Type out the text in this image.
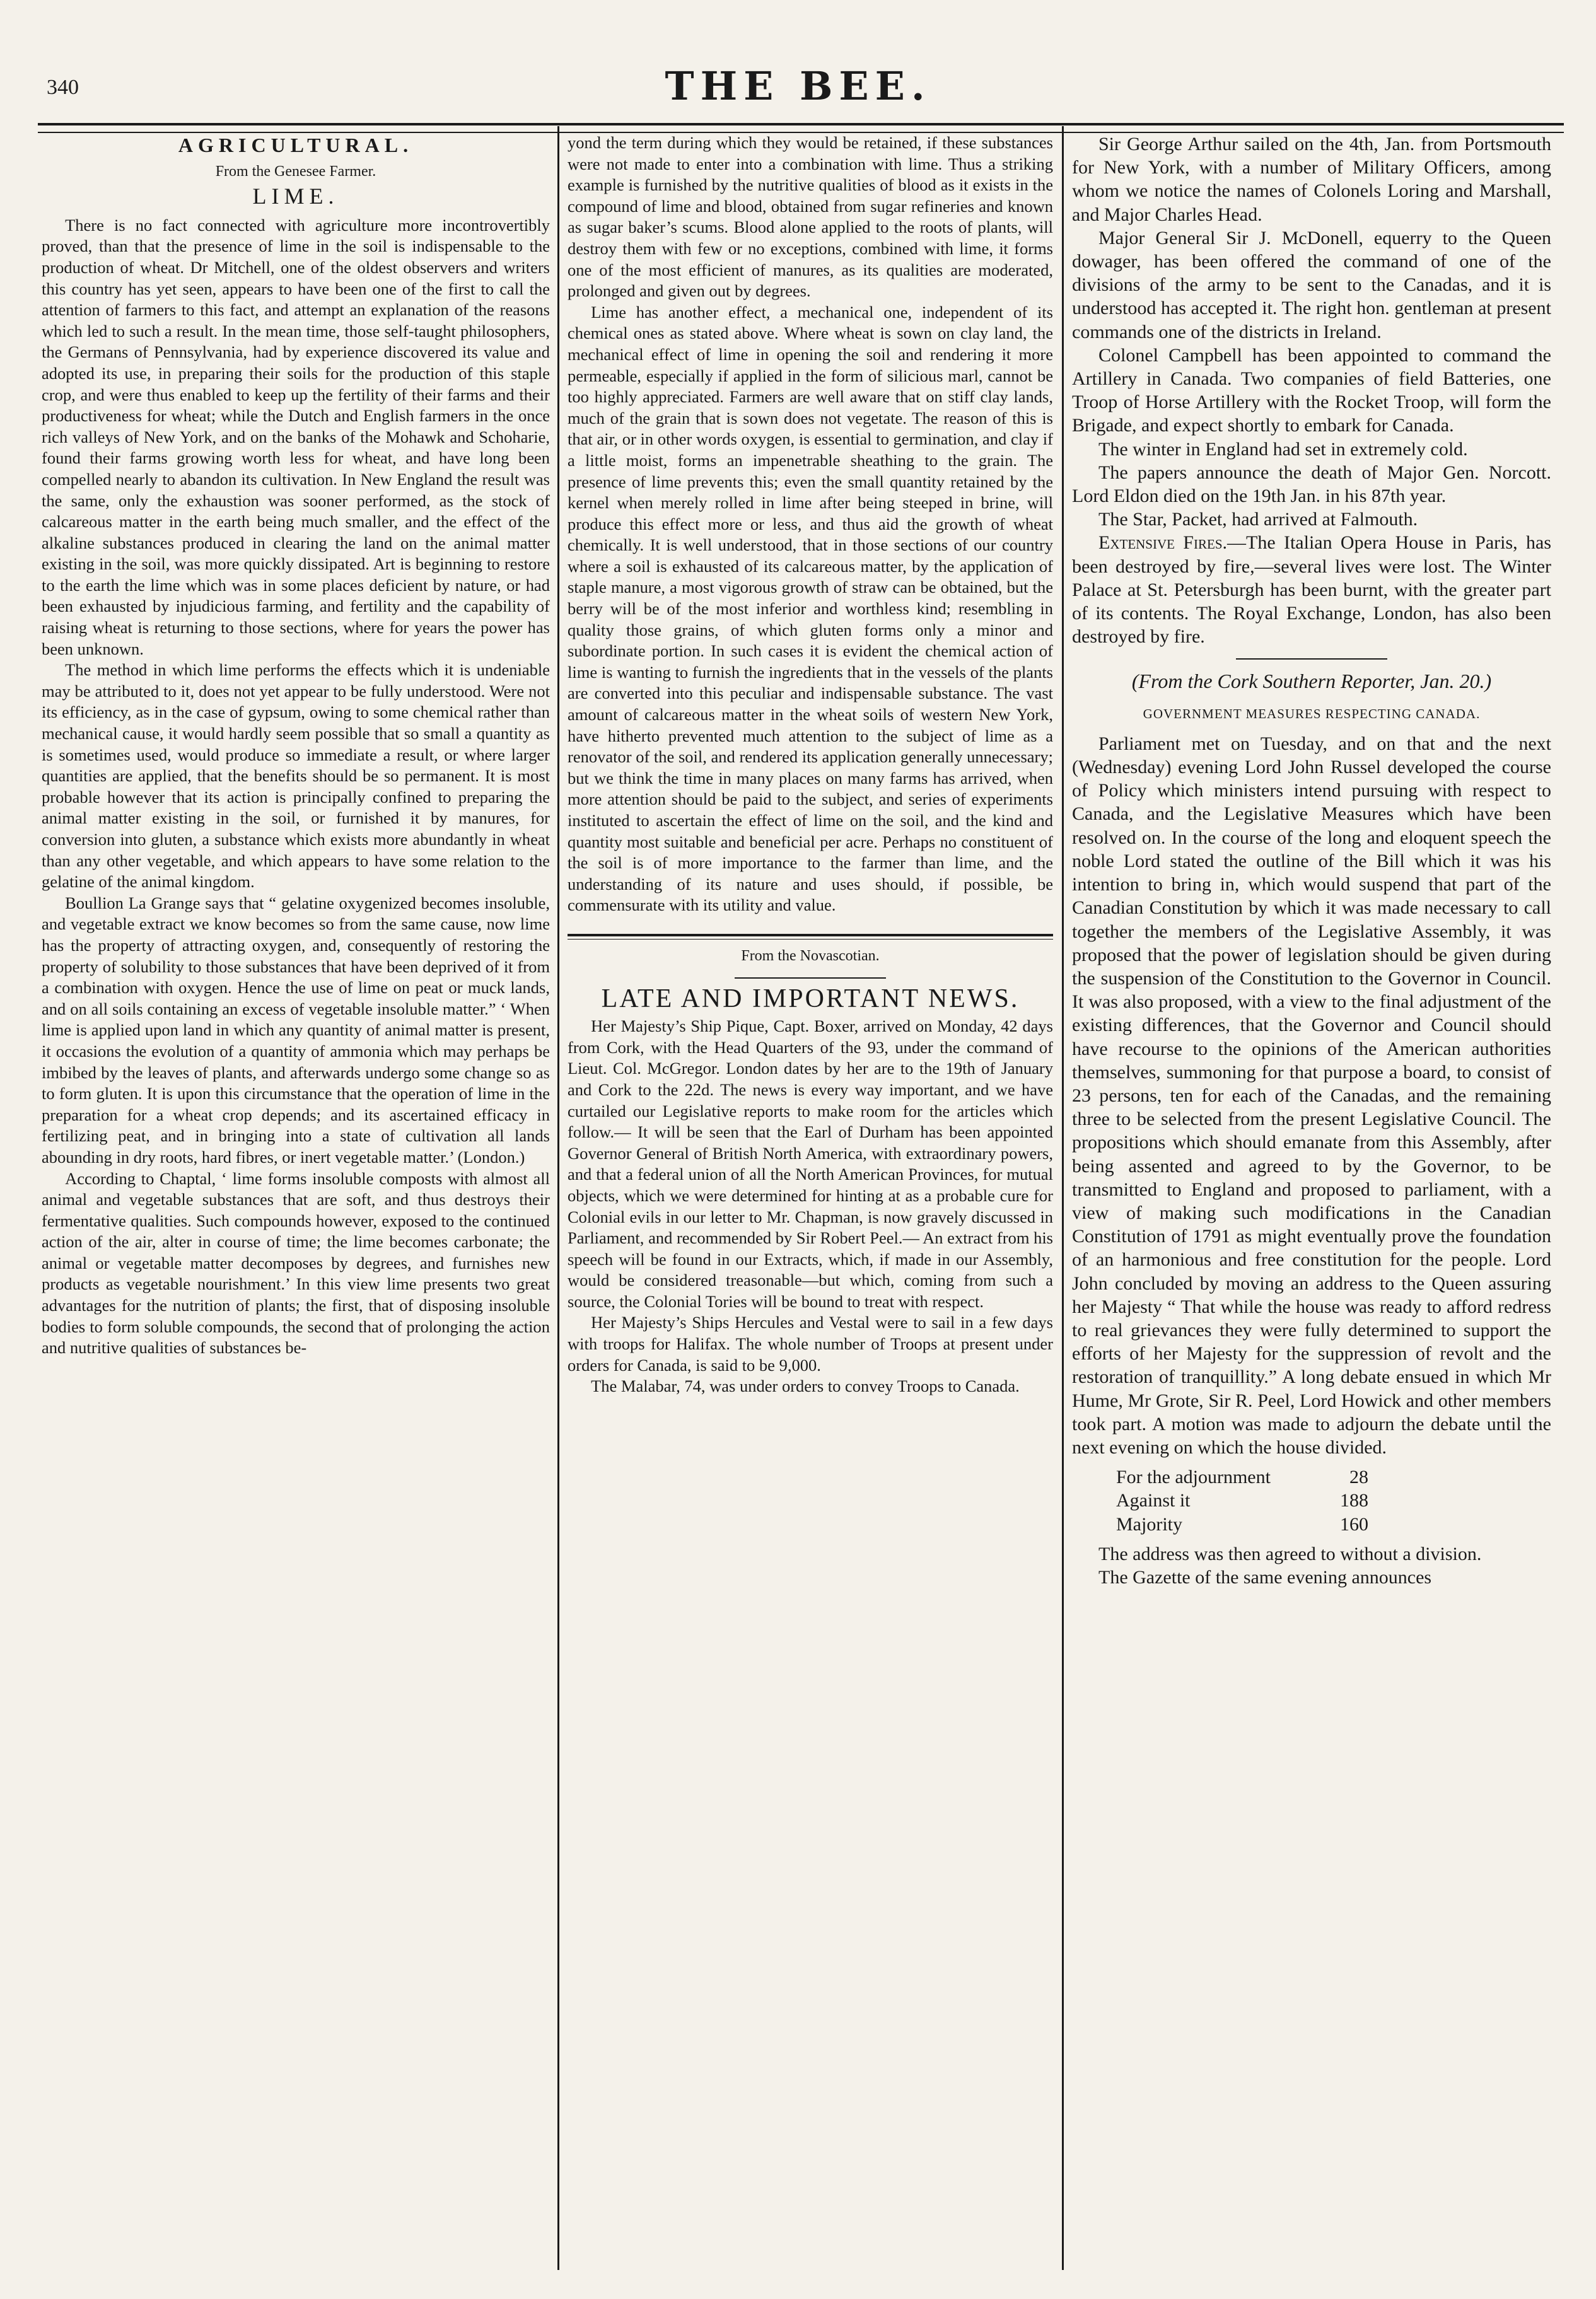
340	THE BEE.
AGRICULTURAL.
From the Genesee Farmer.
LIME.

There is no fact connected with agriculture more incontrovertibly proved, than that the presence of lime in the soil is indispensable to the production of wheat. Dr Mitchell, one of the oldest observers and writers this country has yet seen, appears to have been one of the first to call the attention of farmers to this fact, and attempt an explanation of the reasons which led to such a result. In the mean time, those self-taught philosophers, the Germans of Pennsylvania, had by experience discovered its value and adopted its use, in preparing their soils for the production of this staple crop, and were thus enabled to keep up the fertility of their farms and their productiveness for wheat; while the Dutch and English farmers in the once rich valleys of New York, and on the banks of the Mohawk and Schoharie, found their farms growing worth less for wheat, and have long been compelled nearly to abandon its cultivation. In New England the result was the same, only the exhaustion was sooner performed, as the stock of calcareous matter in the earth being much smaller, and the effect of the alkaline substances produced in clearing the land on the animal matter existing in the soil, was more quickly dissipated. Art is beginning to restore to the earth the lime which was in some places deficient by nature, or had been exhausted by injudicious farming, and fertility and the capability of raising wheat is returning to those sections, where for years the power has been unknown.

The method in which lime performs the effects which it is undeniable may be attributed to it, does not yet appear to be fully understood. Were not its efficiency, as in the case of gypsum, owing to some chemical rather than mechanical cause, it would hardly seem possible that so small a quantity as is sometimes used, would produce so immediate a result, or where larger quantities are applied, that the benefits should be so permanent. It is most probable however that its action is principally confined to preparing the animal matter existing in the soil, or furnished it by manures, for conversion into gluten, a substance which exists more abundantly in wheat than any other vegetable, and which appears to have some relation to the gelatine of the animal kingdom.

Boullion La Grange says that “ gelatine oxygenized becomes insoluble, and vegetable extract we know becomes so from the same cause, now lime has the property of attracting oxygen, and, consequently of restoring the property of solubility to those substances that have been deprived of it from a combination with oxygen. Hence the use of lime on peat or muck lands, and on all soils containing an excess of vegetable insoluble matter.” ‘ When lime is applied upon land in which any quantity of animal matter is present, it occasions the evolution of a quantity of ammonia which may perhaps be imbibed by the leaves of plants, and afterwards undergo some change so as to form gluten. It is upon this circumstance that the operation of lime in the preparation for a wheat crop depends; and its ascertained efficacy in fertilizing peat, and in bringing into a state of cultivation all lands abounding in dry roots, hard fibres, or inert vegetable matter.’ (London.)

According to Chaptal, ‘ lime forms insoluble composts with almost all animal and vegetable substances that are soft, and thus destroys their fermentative qualities. Such compounds however, exposed to the continued action of the air, alter in course of time; the lime becomes carbonate; the animal or vegetable matter decomposes by degrees, and furnishes new products as vegetable nourishment.’ In this view lime presents two great advantages for the nutrition of plants; the first, that of disposing insoluble bodies to form soluble compounds, the second that of prolonging the action and nutritive qualities of substances be-

yond the term during which they would be retained, if these substances were not made to enter into a combination with lime. Thus a striking example is furnished by the nutritive qualities of blood as it exists in the compound of lime and blood, obtained from sugar refineries and known as sugar baker’s scums. Blood alone applied to the roots of plants, will destroy them with few or no exceptions, combined with lime, it forms one of the most efficient of manures, as its qualities are moderated, prolonged and given out by degrees.

Lime has another effect, a mechanical one, independent of its chemical ones as stated above. Where wheat is sown on clay land, the mechanical effect of lime in opening the soil and rendering it more permeable, especially if applied in the form of silicious marl, cannot be too highly appreciated. Farmers are well aware that on stiff clay lands, much of the grain that is sown does not vegetate. The reason of this is that air, or in other words oxygen, is essential to germination, and clay if a little moist, forms an impenetrable sheathing to the grain. The presence of lime prevents this; even the small quantity retained by the kernel when merely rolled in lime after being steeped in brine, will produce this effect more or less, and thus aid the growth of wheat chemically. It is well understood, that in those sections of our country where a soil is exhausted of its calcareous matter, by the application of staple manure, a most vigorous growth of straw can be obtained, but the berry will be of the most inferior and worthless kind; resembling in quality those grains, of which gluten forms only a minor and subordinate portion. In such cases it is evident the chemical action of lime is wanting to furnish the ingredients that in the vessels of the plants are converted into this peculiar and indispensable substance. The vast amount of calcareous matter in the wheat soils of western New York, have hitherto prevented much attention to the subject of lime as a renovator of the soil, and rendered its application generally unnecessary; but we think the time in many places on many farms has arrived, when more attention should be paid to the subject, and series of experiments instituted to ascertain the effect of lime on the soil, and the kind and quantity most suitable and beneficial per acre. Perhaps no constituent of the soil is of more importance to the farmer than lime, and the understanding of its nature and uses should, if possible, be commensurate with its utility and value.

From the Novascotian.
LATE AND IMPORTANT NEWS.

Her Majesty’s Ship Pique, Capt. Boxer, arrived on Monday, 42 days from Cork, with the Head Quarters of the 93, under the command of Lieut. Col. McGregor. London dates by her are to the 19th of January and Cork to the 22d. The news is every way important, and we have curtailed our Legislative reports to make room for the articles which follow.— It will be seen that the Earl of Durham has been appointed Governor General of British North America, with extraordinary powers, and that a federal union of all the North American Provinces, for mutual objects, which we were determined for hinting at as a probable cure for Colonial evils in our letter to Mr. Chapman, is now gravely discussed in Parliament, and recommended by Sir Robert Peel.— An extract from his speech will be found in our Extracts, which, if made in our Assembly, would be considered treasonable—but which, coming from such a source, the Colonial Tories will be bound to treat with respect.

Her Majesty’s Ships Hercules and Vestal were to sail in a few days with troops for Halifax. The whole number of Troops at present under orders for Canada, is said to be 9,000.

The Malabar, 74, was under orders to convey Troops to Canada.

Sir George Arthur sailed on the 4th, Jan. from Portsmouth for New York, with a number of Military Officers, among whom we notice the names of Colonels Loring and Marshall, and Major Charles Head.

Major General Sir J. McDonell, equerry to the Queen dowager, has been offered the command of one of the divisions of the army to be sent to the Canadas, and it is understood has accepted it. The right hon. gentleman at present commands one of the districts in Ireland.

Colonel Campbell has been appointed to command the Artillery in Canada. Two companies of field Batteries, one Troop of Horse Artillery with the Rocket Troop, will form the Brigade, and expect shortly to embark for Canada.

The winter in England had set in extremely cold.

The papers announce the death of Major Gen. Norcott. Lord Eldon died on the 19th Jan. in his 87th year.

The Star, Packet, had arrived at Falmouth.

Extensive Fires.—The Italian Opera House in Paris, has been destroyed by fire,—several lives were lost. The Winter Palace at St. Petersburgh has been burnt, with the greater part of its contents. The Royal Exchange, London, has also been destroyed by fire.

(From the Cork Southern Reporter, Jan. 20.)
GOVERNMENT MEASURES RESPECTING CANADA.

Parliament met on Tuesday, and on that and the next (Wednesday) evening Lord John Russel developed the course of Policy which ministers intend pursuing with respect to Canada, and the Legislative Measures which have been resolved on. In the course of the long and eloquent speech the noble Lord stated the outline of the Bill which it was his intention to bring in, which would suspend that part of the Canadian Constitution by which it was made necessary to call together the members of the Legislative Assembly, it was proposed that the power of legislation should be given during the suspension of the Constitution to the Governor in Council. It was also proposed, with a view to the final adjustment of the existing differences, that the Governor and Council should have recourse to the opinions of the American authorities themselves, summoning for that purpose a board, to consist of 23 persons, ten for each of the Canadas, and the remaining three to be selected from the present Legislative Council. The propositions which should emanate from this Assembly, after being assented and agreed to by the Governor, to be transmitted to England and proposed to parliament, with a view of making such modifications in the Canadian Constitution of 1791 as might eventually prove the foundation of an harmonious and free constitution for the people. Lord John concluded by moving an address to the Queen assuring her Majesty “ That while the house was ready to afford redress to real grievances they were fully determined to support the efforts of her Majesty for the suppression of revolt and the restoration of tranquillity.” A long debate ensued in which Mr Hume, Mr Grote, Sir R. Peel, Lord Howick and other members took part. A motion was made to adjourn the debate until the next evening on which the house divided.

For the adjournment	28
Against it	188
Majority	160

The address was then agreed to without a division.

The Gazette of the same evening announces
